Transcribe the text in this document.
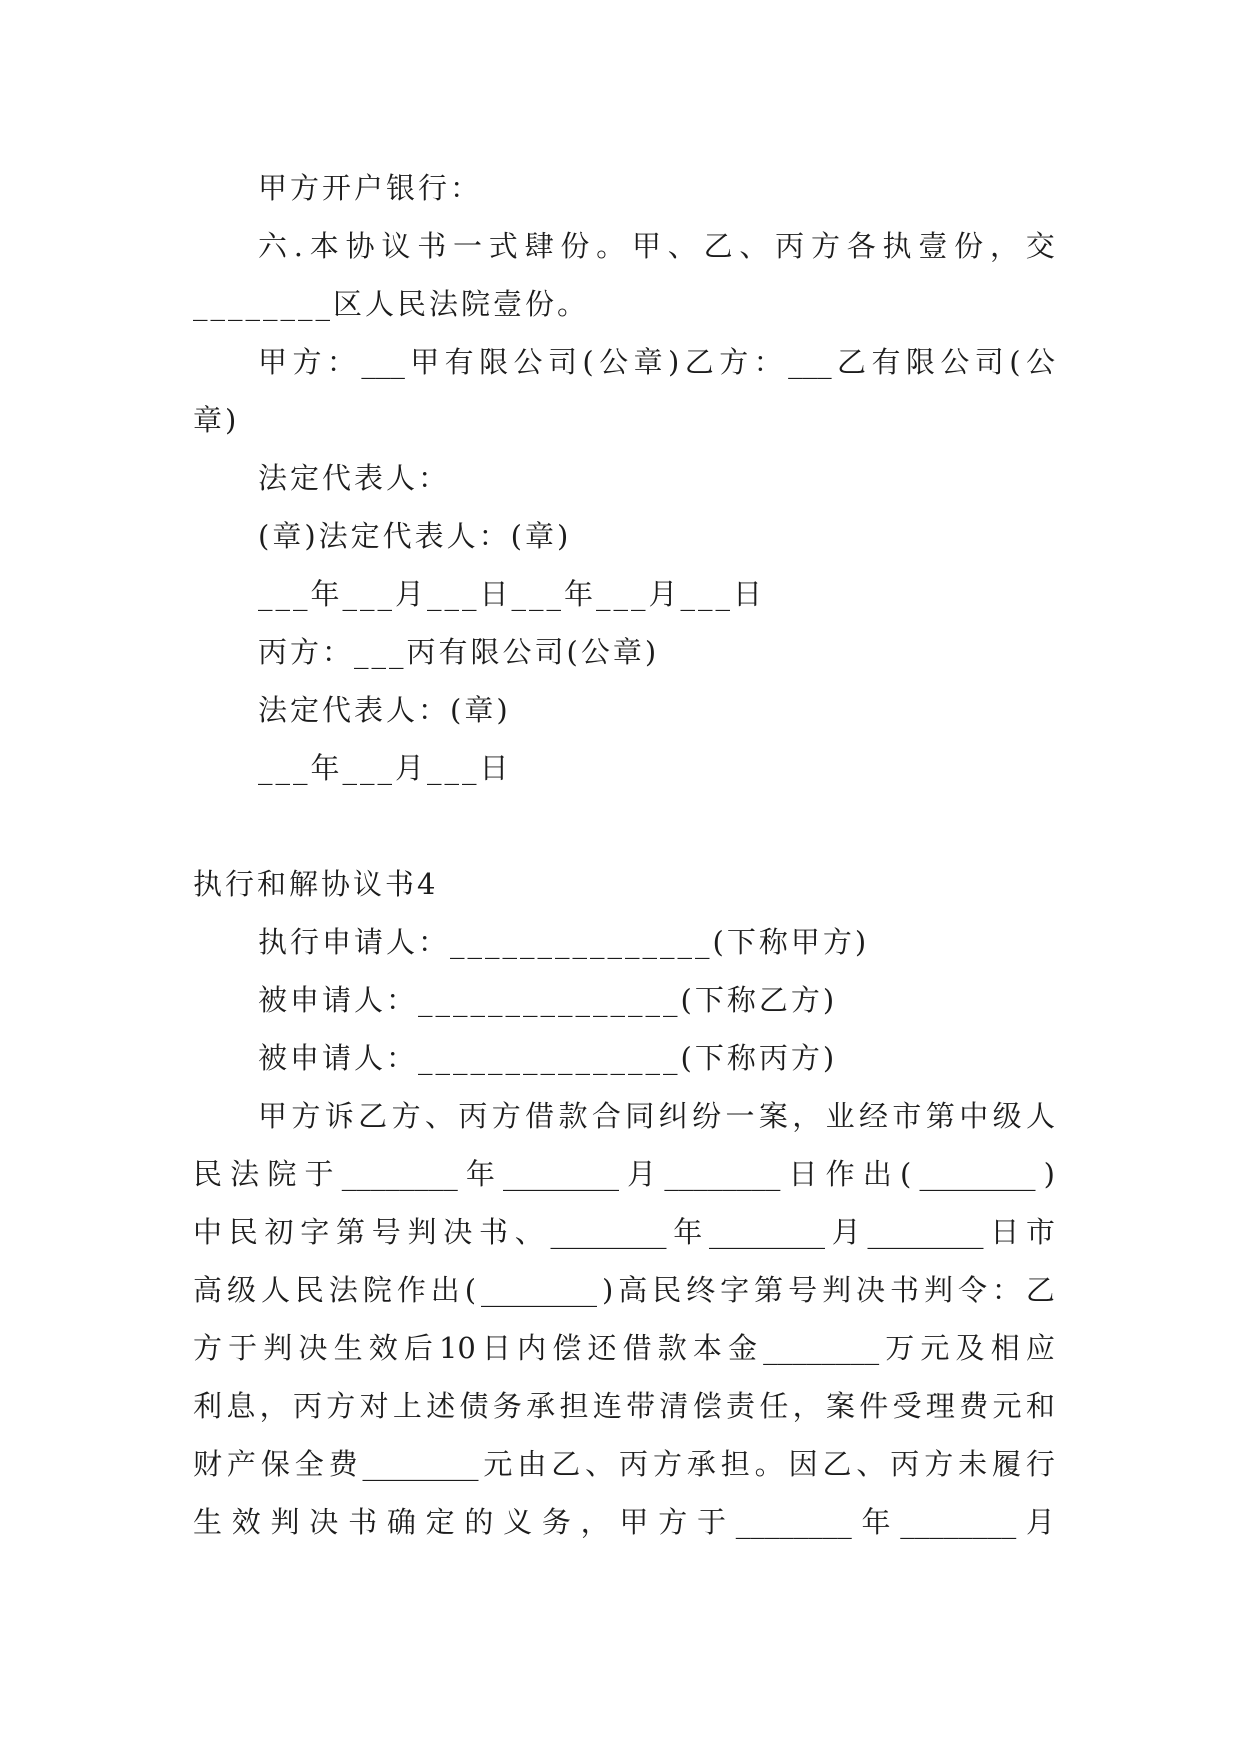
甲方开户银行：
六 . 本 协 议 书 一 式 肆 份 。 甲 、 乙 、 丙 方 各 执 壹 份 ， 交
________区人民法院壹份。
甲 方 ： ___ 甲 有 限 公 司 ( 公 章 ) 乙 方 ： ___ 乙 有 限 公 司 ( 公
章)
法定代表人：
(章)法定代表人：(章)
___年___月___日___年___月___日
丙方：___丙有限公司(公章)
法定代表人：(章)
___年___月___日
执行和解协议书4
执行申请人：_______________(下称甲方)
被申请人：_______________(下称乙方)
被申请人：_______________(下称丙方)
甲 方 诉 乙 方 、 丙 方 借 款 合 同 纠 纷 一 案 ， 业 经 市 第 中 级 人
民 法 院 于 ________ 年 ________ 月 ________ 日 作 出 ( ________ )
中 民 初 字 第 号 判 决 书 、 ________ 年 ________ 月 ________ 日 市
高 级 人 民 法 院 作 出 ( ________ ) 高 民 终 字 第 号 判 决 书 判 令 ： 乙
方 于 判 决 生 效 后 10 日 内 偿 还 借 款 本 金 ________ 万 元 及 相 应
利 息 ， 丙 方 对 上 述 债 务 承 担 连 带 清 偿 责 任 ， 案 件 受 理 费 元 和
财 产 保 全 费 ________ 元 由 乙 、 丙 方 承 担 。 因 乙 、 丙 方 未 履 行
生 效 判 决 书 确 定 的 义 务 ， 甲 方 于 ________ 年 ________ 月
